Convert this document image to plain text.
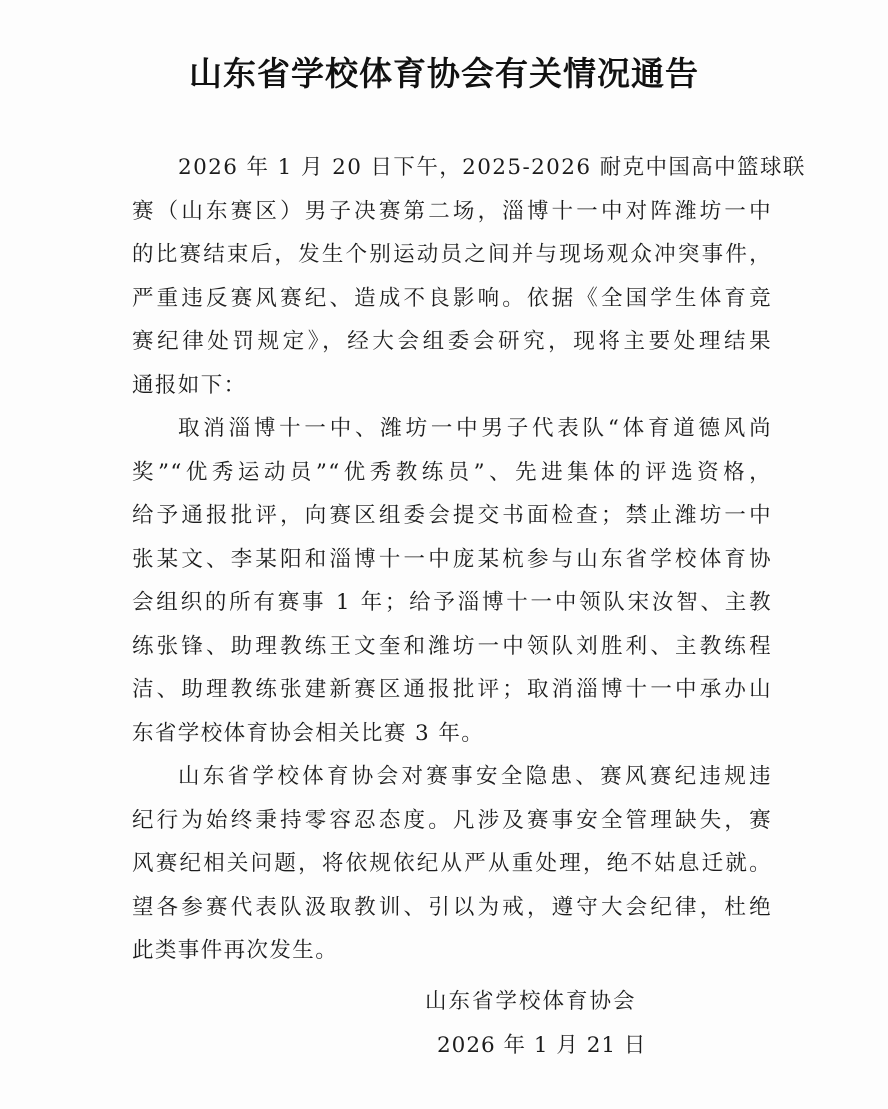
山东省学校体育协会有关情况通告
2026 年 1 月 20 日下午，2025-2026 耐克中国高中篮球联
赛（山东赛区）男子决赛第二场，淄博十一中对阵潍坊一中
的比赛结束后，发生个别运动员之间并与现场观众冲突事件，
严重违反赛风赛纪、造成不良影响。依据《全国学生体育竞
赛纪律处罚规定》，经大会组委会研究，现将主要处理结果
通报如下：
取消淄博十一中、潍坊一中男子代表队“体育道德风尚
奖”“优秀运动员”“优秀教练员”、先进集体的评选资格，
给予通报批评，向赛区组委会提交书面检查；禁止潍坊一中
张某文、李某阳和淄博十一中庞某杭参与山东省学校体育协
会组织的所有赛事 1 年；给予淄博十一中领队宋汝智、主教
练张锋、助理教练王文奎和潍坊一中领队刘胜利、主教练程
洁、助理教练张建新赛区通报批评；取消淄博十一中承办山
东省学校体育协会相关比赛 3 年。
山东省学校体育协会对赛事安全隐患、赛风赛纪违规违
纪行为始终秉持零容忍态度。凡涉及赛事安全管理缺失，赛
风赛纪相关问题，将依规依纪从严从重处理，绝不姑息迁就。
望各参赛代表队汲取教训、引以为戒，遵守大会纪律，杜绝
此类事件再次发生。
山东省学校体育协会
2026 年 1 月 21 日
